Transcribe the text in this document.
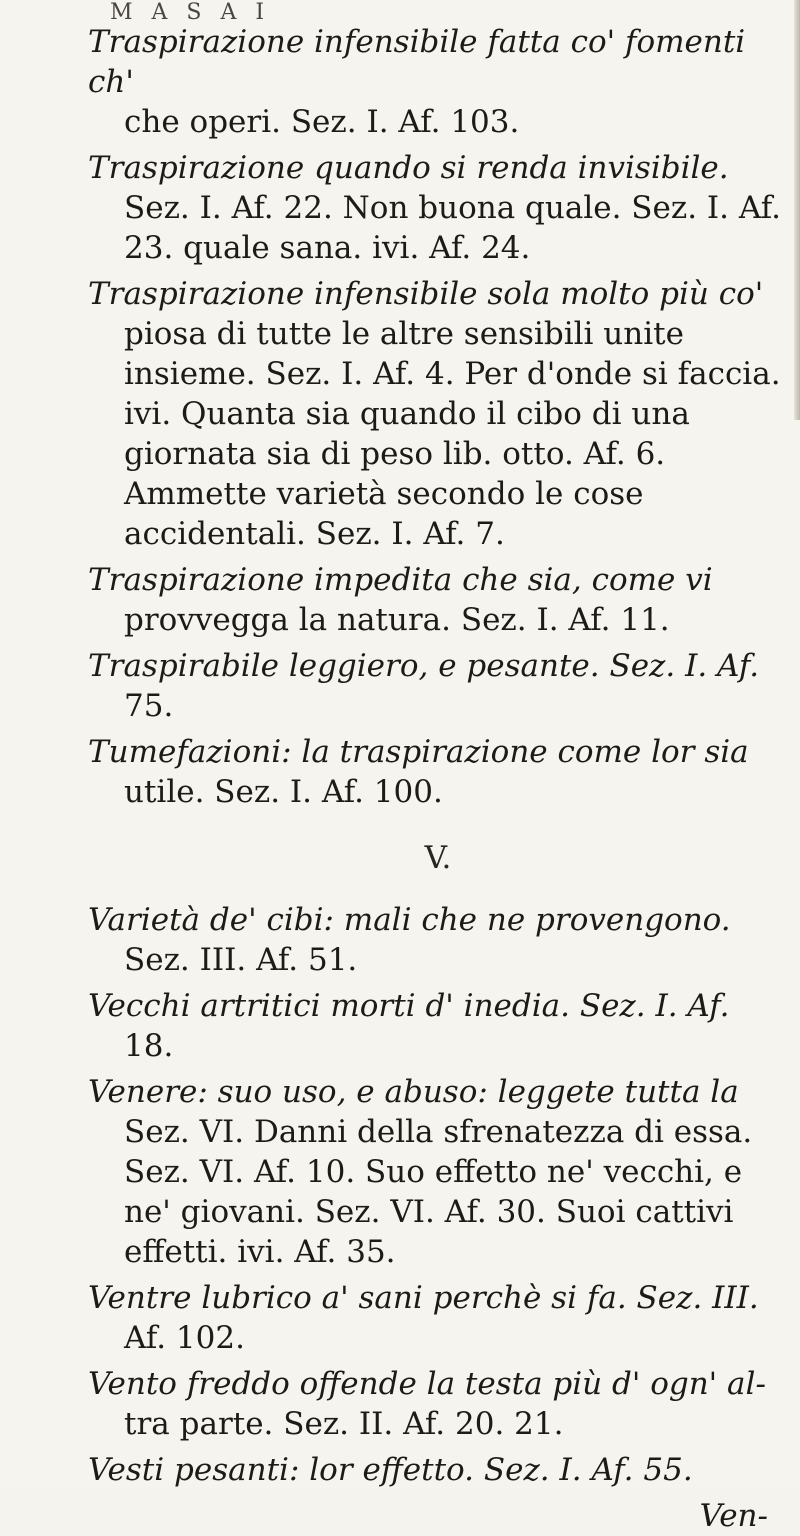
M A S A I
Traspirazione infensibile fatta co' fomenti ch'
che operi. Sez. I. Af. 103.
Traspirazione quando si renda invisibile.
Sez. I. Af. 22. Non buona quale. Sez. I. Af. 23. quale sana. ivi. Af. 24.
Traspirazione infensibile sola molto più co'
piosa di tutte le altre sensibili unite insieme. Sez. I. Af. 4. Per d'onde si faccia. ivi. Quanta sia quando il cibo di una giornata sia di peso lib. otto. Af. 6. Ammette varietà secondo le cose accidentali. Sez. I. Af. 7.
Traspirazione impedita che sia, come vi
provvegga la natura. Sez. I. Af. 11.
Traspirabile leggiero, e pesante. Sez. I. Af.
75.
Tumefazioni: la traspirazione come lor sia
utile. Sez. I. Af. 100.
V.
Varietà de' cibi: mali che ne provengono.
Sez. III. Af. 51.
Vecchi artritici morti d' inedia. Sez. I. Af.
18.
Venere: suo uso, e abuso: leggete tutta la
Sez. VI. Danni della sfrenatezza di essa. Sez. VI. Af. 10. Suo effetto ne' vecchi, e ne' giovani. Sez. VI. Af. 30. Suoi cattivi effetti. ivi. Af. 35.
Ventre lubrico a' sani perchè si fa. Sez. III.
Af. 102.
Vento freddo offende la testa più d' ogn' al-
tra parte. Sez. II. Af. 20. 21.
Vesti pesanti: lor effetto. Sez. I. Af. 55.
Ven-
